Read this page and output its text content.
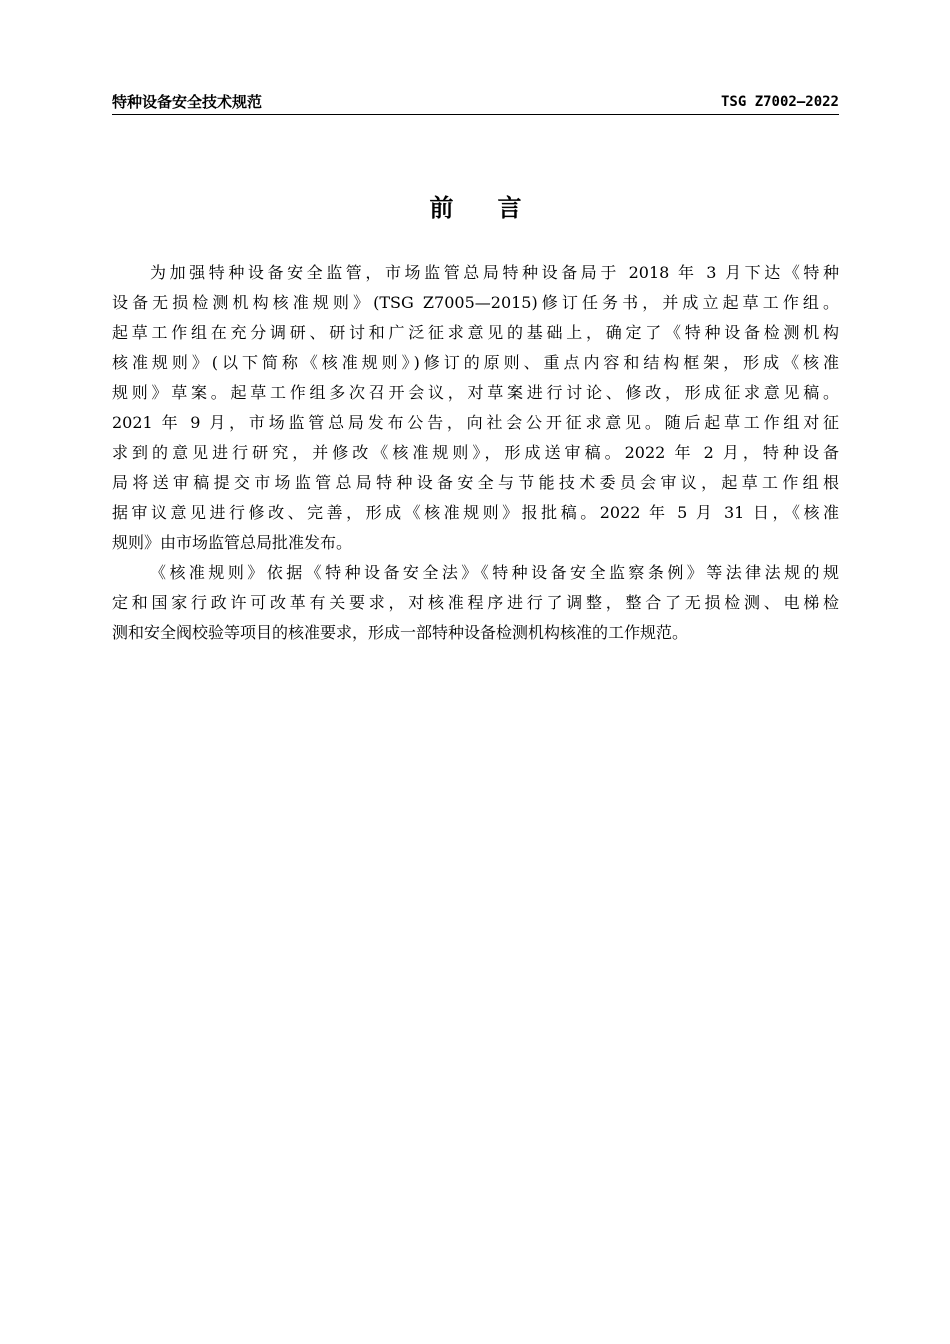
特种设备安全技术规范	TSG Z7002—2022
前言

为加强特种设备安全监管，市场监管总局特种设备局于 2018 年 3 月下达《特种
设备无损检测机构核准规则》(TSG Z7005—2015)修订任务书，并成立起草工作组。
起草工作组在充分调研、研讨和广泛征求意见的基础上，确定了《特种设备检测机构
核准规则》(以下简称《核准规则》)修订的原则、重点内容和结构框架，形成《核准
规则》草案。起草工作组多次召开会议，对草案进行讨论、修改，形成征求意见稿。
2021 年 9 月，市场监管总局发布公告，向社会公开征求意见。随后起草工作组对征
求到的意见进行研究，并修改《核准规则》，形成送审稿。2022 年 2 月，特种设备
局将送审稿提交市场监管总局特种设备安全与节能技术委员会审议，起草工作组根
据审议意见进行修改、完善，形成《核准规则》报批稿。2022 年 5 月 31 日，《核准
规则》由市场监管总局批准发布。

《核准规则》依据《特种设备安全法》《特种设备安全监察条例》等法律法规的规
定和国家行政许可改革有关要求，对核准程序进行了调整，整合了无损检测、电梯检
测和安全阀校验等项目的核准要求，形成一部特种设备检测机构核准的工作规范。
